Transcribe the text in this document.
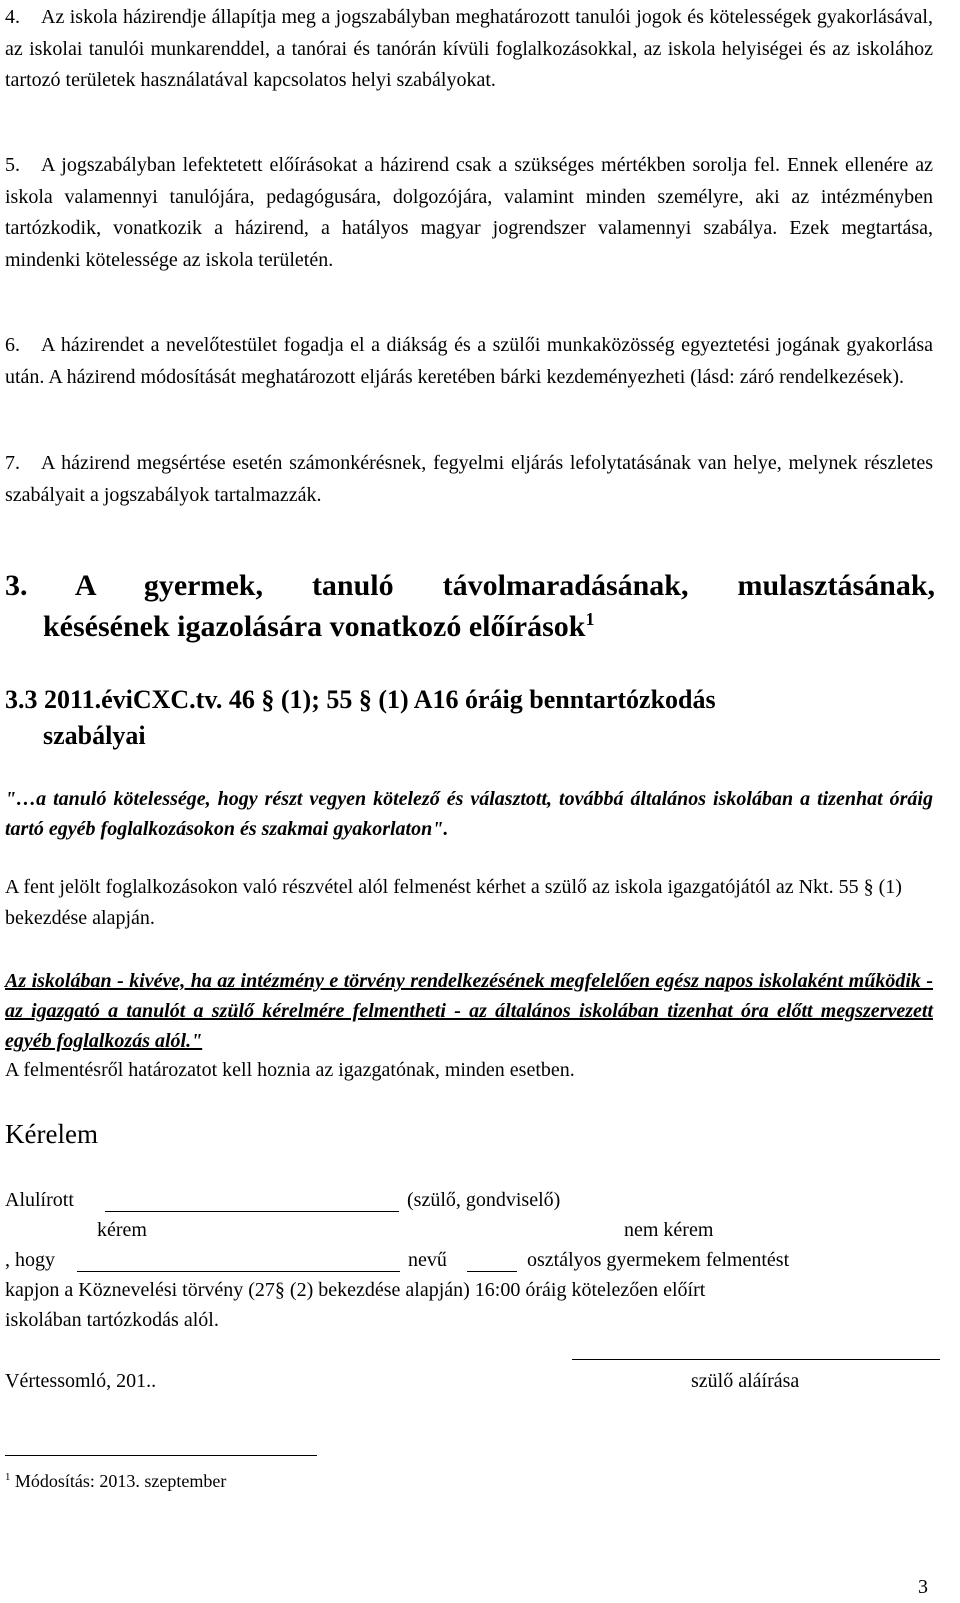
4. Az iskola házirendje állapítja meg a jogszabályban meghatározott tanulói jogok és kötelességek gyakorlásával, az iskolai tanulói munkarenddel, a tanórai és tanórán kívüli foglalkozásokkal, az iskola helyiségei és az iskolához tartozó területek használatával kapcsolatos helyi szabályokat.
5. A jogszabályban lefektetett előírásokat a házirend csak a szükséges mértékben sorolja fel. Ennek ellenére az iskola valamennyi tanulójára, pedagógusára, dolgozójára, valamint minden személyre, aki az intézményben tartózkodik, vonatkozik a házirend, a hatályos magyar jogrendszer valamennyi szabálya. Ezek megtartása, mindenki kötelessége az iskola területén.
6. A házirendet a nevelőtestület fogadja el a diákság és a szülői munkaközösség egyeztetési jogának gyakorlása után. A házirend módosítását meghatározott eljárás keretében bárki kezdeményezheti (lásd: záró rendelkezések).
7. A házirend megsértése esetén számonkérésnek, fegyelmi eljárás lefolytatásának van helye, melynek részletes szabályait a jogszabályok tartalmazzák.
3. A gyermek, tanuló távolmaradásának, mulasztásának,
késésének igazolására vonatkozó előírások$^1$
3.3 2011.éviCXC.tv. 46 § (1); 55 § (1) A16 óráig benntartózkodás
szabályai
"…a tanuló kötelessége, hogy részt vegyen kötelező és választott, továbbá általános iskolában a tizenhat óráig tartó egyéb foglalkozásokon és szakmai gyakorlaton".
A fent jelölt foglalkozásokon való részvétel alól felmenést kérhet a szülő az iskola igazgatójától az Nkt. 55 § (1) bekezdése alapján.
Az iskolában - kivéve, ha az intézmény e törvény rendelkezésének megfelelően egész napos iskolaként működik - az igazgató a tanulót a szülő kérelmére felmentheti - az általános iskolában tizenhat óra előtt megszervezett egyéb foglalkozás alól."
A felmentésről határozatot kell hoznia az igazgatónak, minden esetben.
Kérelem
Alulírott	(szülő, gondviselő)
kérem	nem kérem
, hogy	nevű	osztályos gyermekem felmentést
kapjon a Köznevelési törvény (27§ (2) bekezdése alapján) 16:00 óráig kötelezően előírt
iskolában tartózkodás alól.
Vértessomló, 201..	szülő aláírása
$^1$ Módosítás: 2013. szeptember
3
